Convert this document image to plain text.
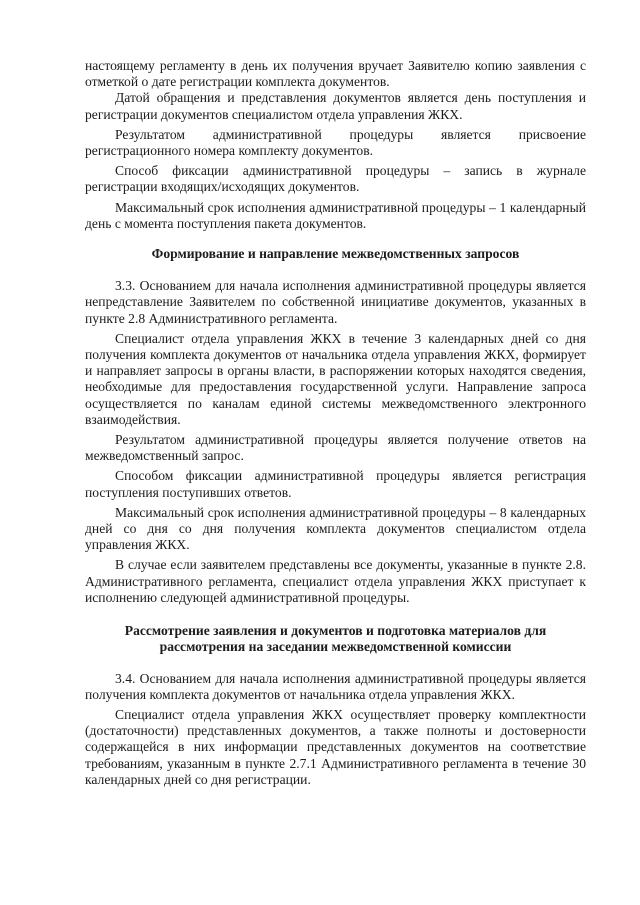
настоящему регламенту в день их получения вручает Заявителю копию заявления с отметкой о дате регистрации комплекта документов.

Датой обращения и представления документов является день поступления и регистрации документов специалистом отдела управления ЖКХ.

Результатом административной процедуры является присвоение регистрационного номера комплекту документов.

Способ фиксации административной процедуры – запись в журнале регистрации входящих/исходящих документов.

Максимальный срок исполнения административной процедуры – 1 календарный день с момента поступления пакета документов.

Формирование и направление межведомственных запросов

3.3. Основанием для начала исполнения административной процедуры является непредставление Заявителем по собственной инициативе документов, указанных в пункте 2.8 Административного регламента.

Специалист отдела управления ЖКХ в течение 3 календарных дней со дня получения комплекта документов от начальника отдела управления ЖКХ, формирует и направляет запросы в органы власти, в распоряжении которых находятся сведения, необходимые для предоставления государственной услуги. Направление запроса осуществляется по каналам единой системы межведомственного электронного взаимодействия.

Результатом административной процедуры является получение ответов на межведомственный запрос.

Способом фиксации административной процедуры является регистрация поступления поступивших ответов.

Максимальный срок исполнения административной процедуры – 8 календарных дней со дня со дня получения комплекта документов специалистом отдела управления ЖКХ.

В случае если заявителем представлены все документы, указанные в пункте 2.8. Административного регламента, специалист отдела управления ЖКХ приступает к исполнению следующей административной процедуры.

Рассмотрение заявления и документов и подготовка материалов для рассмотрения на заседании межведомственной комиссии

3.4. Основанием для начала исполнения административной процедуры является получения комплекта документов от начальника отдела управления ЖКХ.

Специалист отдела управления ЖКХ осуществляет проверку комплектности (достаточности) представленных документов, а также полноты и достоверности содержащейся в них информации представленных документов на соответствие требованиям, указанным в пункте 2.7.1 Административного регламента в течение 30 календарных дней со дня регистрации.
